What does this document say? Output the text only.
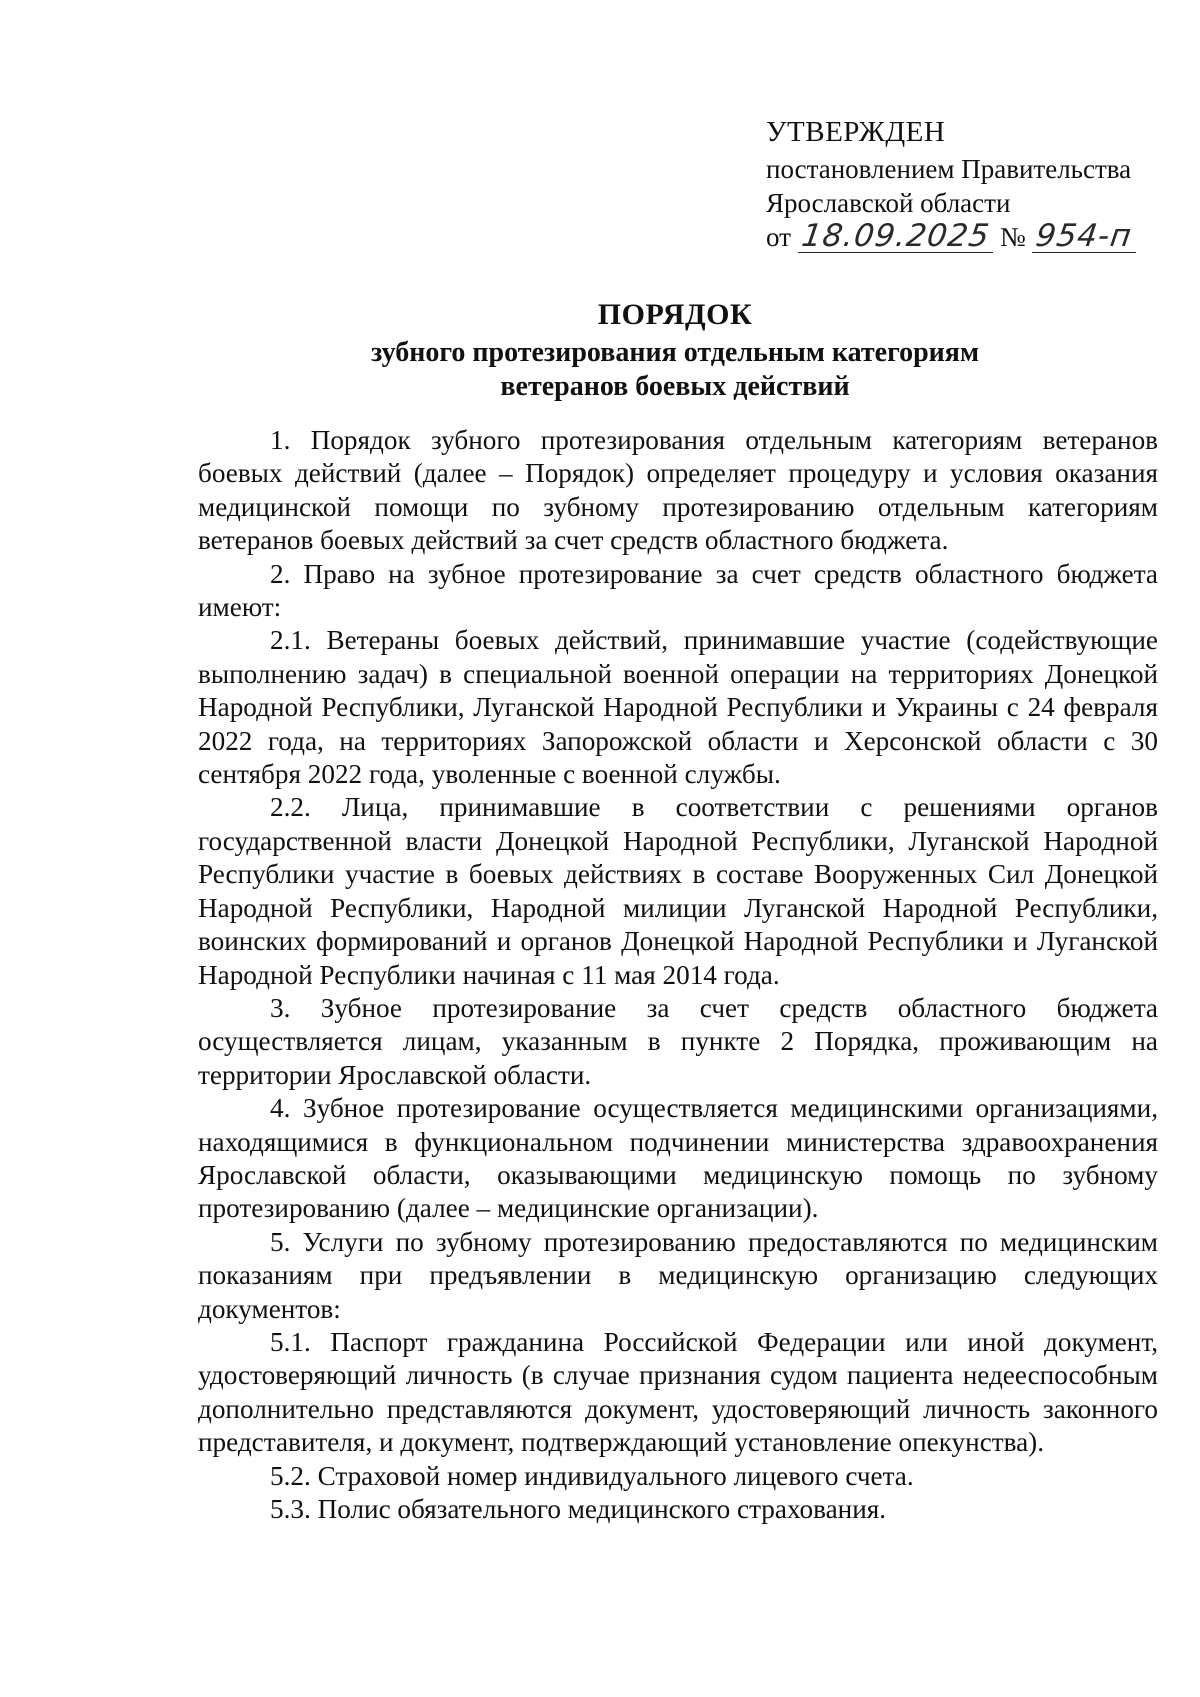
УТВЕРЖДЕН
постановлением Правительства
Ярославской области
от 18.09.2025 № 954-п
ПОРЯДОК
зубного протезирования отдельным категориям
ветеранов боевых действий

1. Порядок зубного протезирования отдельным категориям ветеранов боевых действий (далее – Порядок) определяет процедуру и условия оказания медицинской помощи по зубному протезированию отдельным категориям ветеранов боевых действий за счет средств областного бюджета.

2. Право на зубное протезирование за счет средств областного бюджета имеют:

2.1. Ветераны боевых действий, принимавшие участие (содействующие выполнению задач) в специальной военной операции на территориях Донецкой Народной Республики, Луганской Народной Республики и Украины с 24 февраля 2022 года, на территориях Запорожской области и Херсонской области с 30 сентября 2022 года, уволенные с военной службы.

2.2. Лица, принимавшие в соответствии с решениями органов государственной власти Донецкой Народной Республики, Луганской Народной Республики участие в боевых действиях в составе Вооруженных Сил Донецкой Народной Республики, Народной милиции Луганской Народной Республики, воинских формирований и органов Донецкой Народной Республики и Луганской Народной Республики начиная с 11 мая 2014 года.

3. Зубное протезирование за счет средств областного бюджета осуществляется лицам, указанным в пункте 2 Порядка, проживающим на территории Ярославской области.

4. Зубное протезирование осуществляется медицинскими организациями, находящимися в функциональном подчинении министерства здравоохранения Ярославской области, оказывающими медицинскую помощь по зубному протезированию (далее – медицинские организации).

5. Услуги по зубному протезированию предоставляются по медицинским показаниям при предъявлении в медицинскую организацию следующих документов:

5.1. Паспорт гражданина Российской Федерации или иной документ, удостоверяющий личность (в случае признания судом пациента недееспособным дополнительно представляются документ, удостоверяющий личность законного представителя, и документ, подтверждающий установление опекунства).

5.2. Страховой номер индивидуального лицевого счета.

5.3. Полис обязательного медицинского страхования.
